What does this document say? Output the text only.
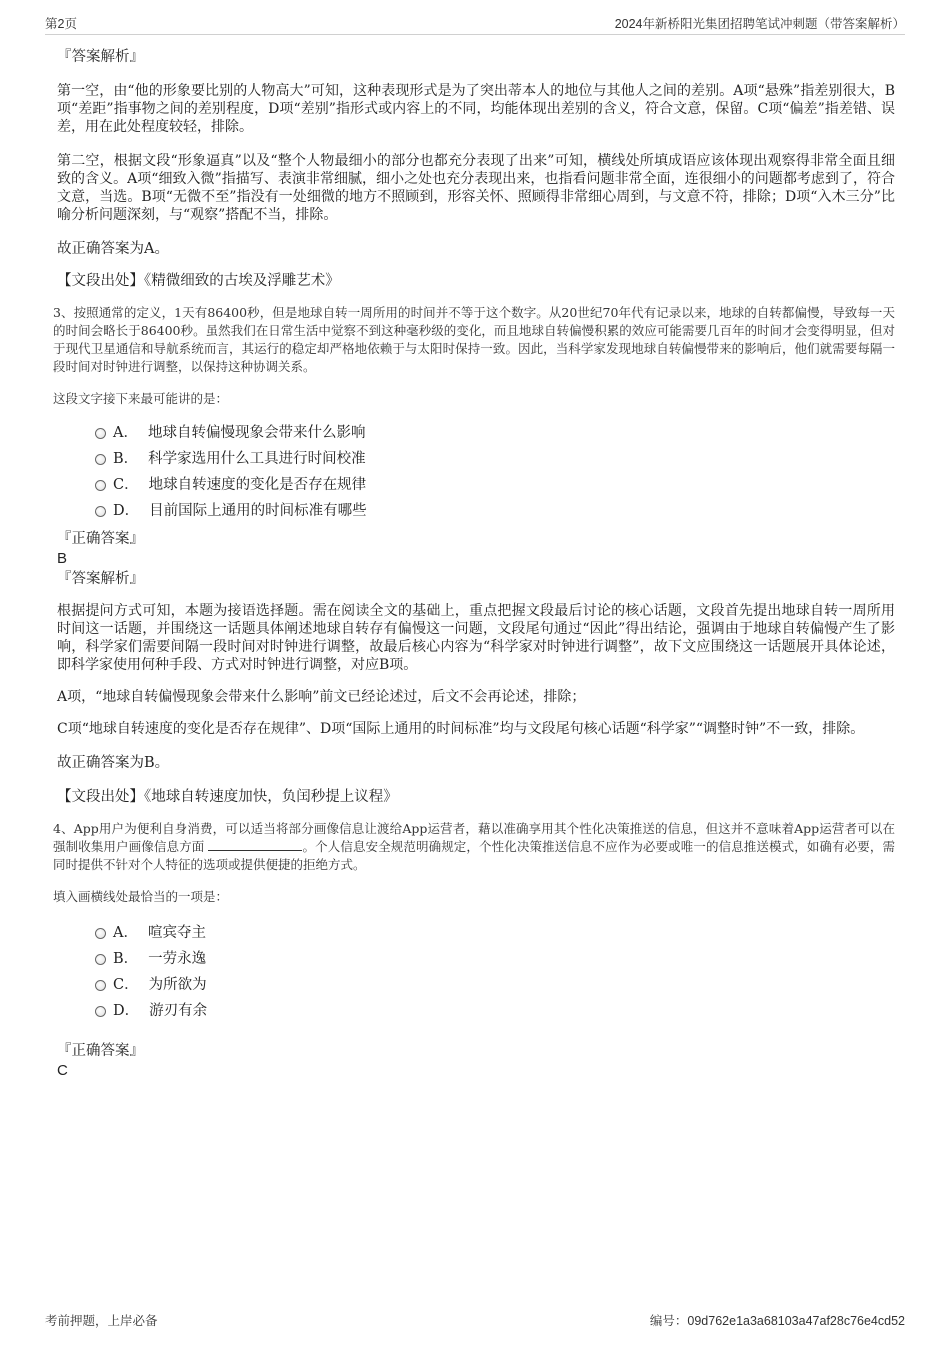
第2页	2024年新桥阳光集团招聘笔试冲刺题（带答案解析）

『答案解析』

第一空，由“他的形象要比别的人物高大”可知，这种表现形式是为了突出蒂本人的地位与其他人之间的差别。A项“悬殊”指差别很大，B项“差距”指事物之间的差别程度，D项“差别”指形式或内容上的不同，均能体现出差别的含义，符合文意，保留。C项“偏差”指差错、误差，用在此处程度较轻，排除。

第二空，根据文段“形象逼真”以及“整个人物最细小的部分也都充分表现了出来”可知，横线处所填成语应该体现出观察得非常全面且细致的含义。A项“细致入微”指描写、表演非常细腻，细小之处也充分表现出来，也指看问题非常全面，连很细小的问题都考虑到了，符合文意，当选。B项“无微不至”指没有一处细微的地方不照顾到，形容关怀、照顾得非常细心周到，与文意不符，排除；D项“入木三分”比喻分析问题深刻，与“观察”搭配不当，排除。

故正确答案为A。

【文段出处】《精微细致的古埃及浮雕艺术》

3、按照通常的定义，1天有86400秒，但是地球自转一周所用的时间并不等于这个数字。从20世纪70年代有记录以来，地球的自转都偏慢，导致每一天的时间会略长于86400秒。虽然我们在日常生活中觉察不到这种毫秒级的变化，而且地球自转偏慢积累的效应可能需要几百年的时间才会变得明显，但对于现代卫星通信和导航系统而言，其运行的稳定却严格地依赖于与太阳时保持一致。因此，当科学家发现地球自转偏慢带来的影响后，他们就需要每隔一段时间对时钟进行调整，以保持这种协调关系。

这段文字接下来最可能讲的是：

A． 地球自转偏慢现象会带来什么影响
B． 科学家选用什么工具进行时间校准
C． 地球自转速度的变化是否存在规律
D． 目前国际上通用的时间标准有哪些

『正确答案』

B

『答案解析』

根据提问方式可知，本题为接语选择题。需在阅读全文的基础上，重点把握文段最后讨论的核心话题，文段首先提出地球自转一周所用时间这一话题，并围绕这一话题具体阐述地球自转存有偏慢这一问题，文段尾句通过“因此”得出结论，强调由于地球自转偏慢产生了影响，科学家们需要间隔一段时间对时钟进行调整，故最后核心内容为“科学家对时钟进行调整”，故下文应围绕这一话题展开具体论述，即科学家使用何种手段、方式对时钟进行调整，对应B项。

A项，“地球自转偏慢现象会带来什么影响”前文已经论述过，后文不会再论述，排除；

C项“地球自转速度的变化是否存在规律”、D项“国际上通用的时间标准”均与文段尾句核心话题“科学家”“调整时钟”不一致，排除。

故正确答案为B。

【文段出处】《地球自转速度加快，负闰秒提上议程》

4、App用户为便利自身消费，可以适当将部分画像信息让渡给App运营者，藉以准确享用其个性化决策推送的信息，但这并不意味着App运营者可以在强制收集用户画像信息方面	。个人信息安全规范明确规定，个性化决策推送信息不应作为必要或唯一的信息推送模式，如确有必要，需同时提供不针对个人特征的选项或提供便捷的拒绝方式。

填入画横线处最恰当的一项是：

A． 喧宾夺主
B． 一劳永逸
C． 为所欲为
D． 游刃有余

『正确答案』

C

考前押题，上岸必备	编号：09d762e1a3a68103a47af28c76e4cd52
